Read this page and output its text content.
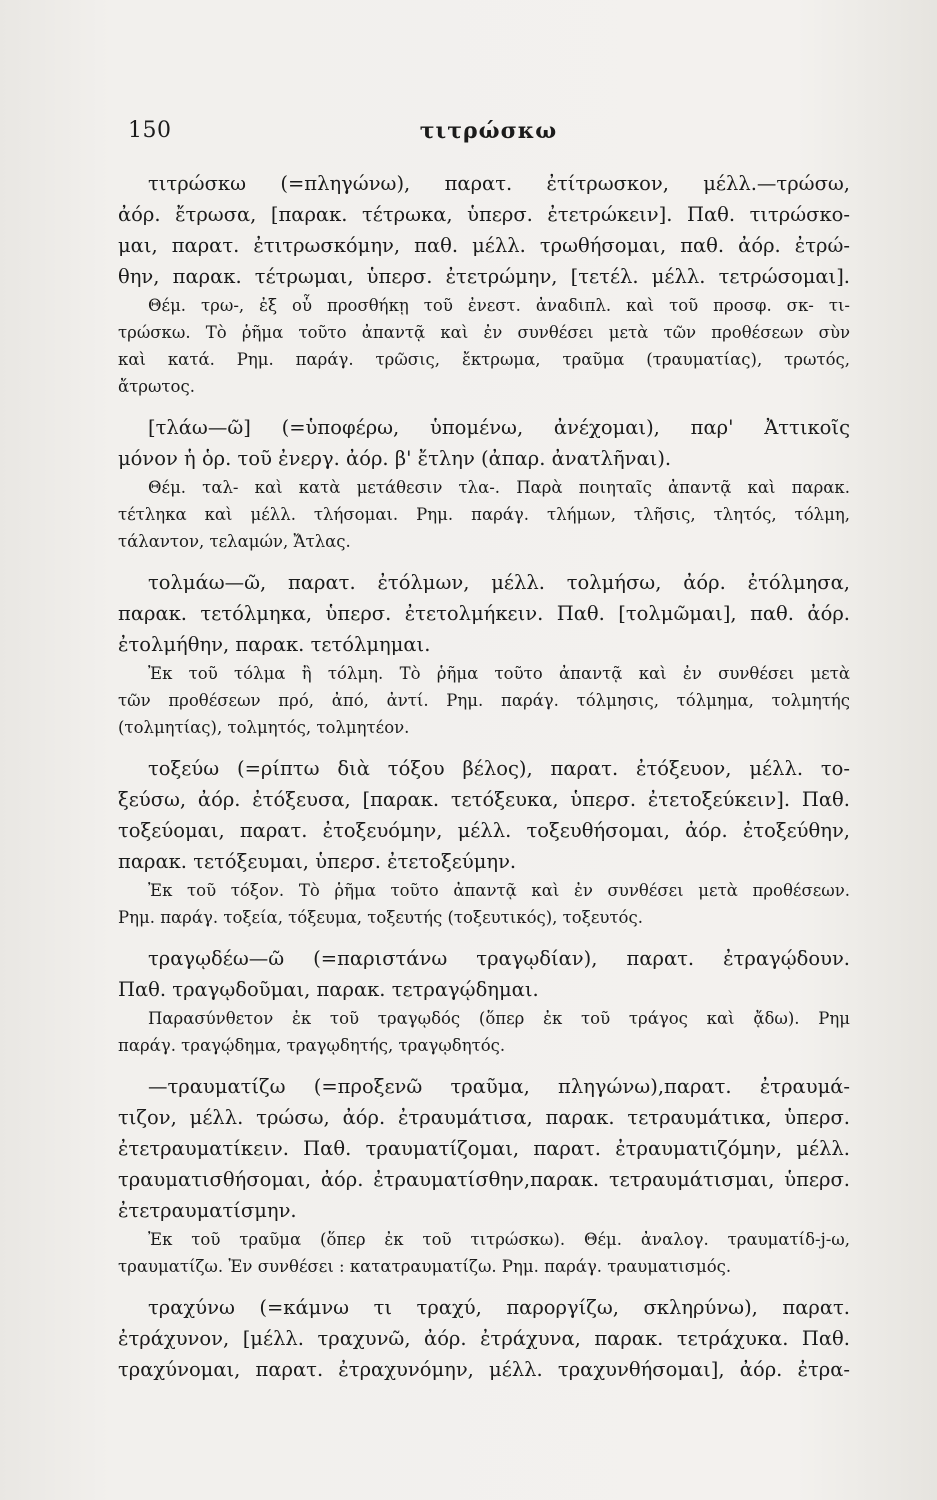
150	τιτρώσκω
τιτρώσκω (=πληγώνω), παρατ. ἐτίτρωσκον, μέλλ.—τρώσω,
ἀόρ. ἔτρωσα, [παρακ. τέτρωκα, ὑπερσ. ἐτετρώκειν]. Παθ. τιτρώσκο-
μαι, παρατ. ἐτιτρωσκόμην, παθ. μέλλ. τρωθήσομαι, παθ. ἀόρ. ἐτρώ-
θην, παρακ. τέτρωμαι, ὑπερσ. ἐτετρώμην, [τετέλ. μέλλ. τετρώσομαι].
Θέμ. τρω-, ἐξ οὗ προσθήκῃ τοῦ ἐνεστ. ἀναδιπλ. καὶ τοῦ προσφ. σκ- τι-
τρώσκω. Τὸ ῥῆμα τοῦτο ἀπαντᾷ καὶ ἐν συνθέσει μετὰ τῶν προθέσεων σὺν
καὶ κατά. Ρημ. παράγ. τρῶσις, ἔκτρωμα, τραῦμα (τραυματίας), τρωτός,
ἄτρωτος.
[τλάω—ῶ] (=ὑποφέρω, ὑπομένω, ἀνέχομαι), παρ' Ἀττικοῖς
μόνον ἡ ὁρ. τοῦ ἐνεργ. ἀόρ. β' ἔτλην (ἀπαρ. ἀνατλῆναι).
Θέμ. ταλ- καὶ κατὰ μετάθεσιν τλα-. Παρὰ ποιηταῖς ἀπαντᾷ καὶ παρακ.
τέτληκα καὶ μέλλ. τλήσομαι. Ρημ. παράγ. τλήμων, τλῆσις, τλητός, τόλμη,
τάλαντον, τελαμών, Ἄτλας.
τολμάω—ῶ, παρατ. ἐτόλμων, μέλλ. τολμήσω, ἀόρ. ἐτόλμησα,
παρακ. τετόλμηκα, ὑπερσ. ἐτετολμήκειν. Παθ. [τολμῶμαι], παθ. ἀόρ.
ἐτολμήθην, παρακ. τετόλμημαι.
Ἐκ τοῦ τόλμα ἢ τόλμη. Τὸ ῥῆμα τοῦτο ἀπαντᾷ καὶ ἐν συνθέσει μετὰ
τῶν προθέσεων πρό, ἀπό, ἀντί. Ρημ. παράγ. τόλμησις, τόλμημα, τολμητής
(τολμητίας), τολμητός, τολμητέον.
τοξεύω (=ρίπτω διὰ τόξου βέλος), παρατ. ἐτόξευον, μέλλ. το-
ξεύσω, ἀόρ. ἐτόξευσα, [παρακ. τετόξευκα, ὑπερσ. ἐτετοξεύκειν]. Παθ.
τοξεύομαι, παρατ. ἐτοξευόμην, μέλλ. τοξευθήσομαι, ἀόρ. ἐτοξεύθην,
παρακ. τετόξευμαι, ὑπερσ. ἐτετοξεύμην.
Ἐκ τοῦ τόξον. Τὸ ῥῆμα τοῦτο ἀπαντᾷ καὶ ἐν συνθέσει μετὰ προθέσεων.
Ρημ. παράγ. τοξεία, τόξευμα, τοξευτής (τοξευτικός), τοξευτός.
τραγῳδέω—ῶ (=παριστάνω τραγῳδίαν), παρατ. ἐτραγῴδουν.
Παθ. τραγῳδοῦμαι, παρακ. τετραγῴδημαι.
Παρασύνθετον ἐκ τοῦ τραγῳδός (ὅπερ ἐκ τοῦ τράγος καὶ ᾄδω). Ρημ
παράγ. τραγῴδημα, τραγῳδητής, τραγῳδητός.
—τραυματίζω (=προξενῶ τραῦμα, πληγώνω),παρατ. ἐτραυμά-
τιζον, μέλλ. τρώσω, ἀόρ. ἐτραυμάτισα, παρακ. τετραυμάτικα, ὑπερσ.
ἐτετραυματίκειν. Παθ. τραυματίζομαι, παρατ. ἐτραυματιζόμην, μέλλ.
τραυματισθήσομαι, ἀόρ. ἐτραυματίσθην,παρακ. τετραυμάτισμαι, ὑπερσ.
ἐτετραυματίσμην.
Ἐκ τοῦ τραῦμα (ὅπερ ἐκ τοῦ τιτρώσκω). Θέμ. ἀναλογ. τραυματίδ-j-ω,
τραυματίζω. Ἐν συνθέσει : κατατραυματίζω. Ρημ. παράγ. τραυματισμός.
τραχύνω (=κάμνω τι τραχύ, παροργίζω, σκληρύνω), παρατ.
ἐτράχυνον, [μέλλ. τραχυνῶ, ἀόρ. ἐτράχυνα, παρακ. τετράχυκα. Παθ.
τραχύνομαι, παρατ. ἐτραχυνόμην, μέλλ. τραχυνθήσομαι], ἀόρ. ἐτρα-
